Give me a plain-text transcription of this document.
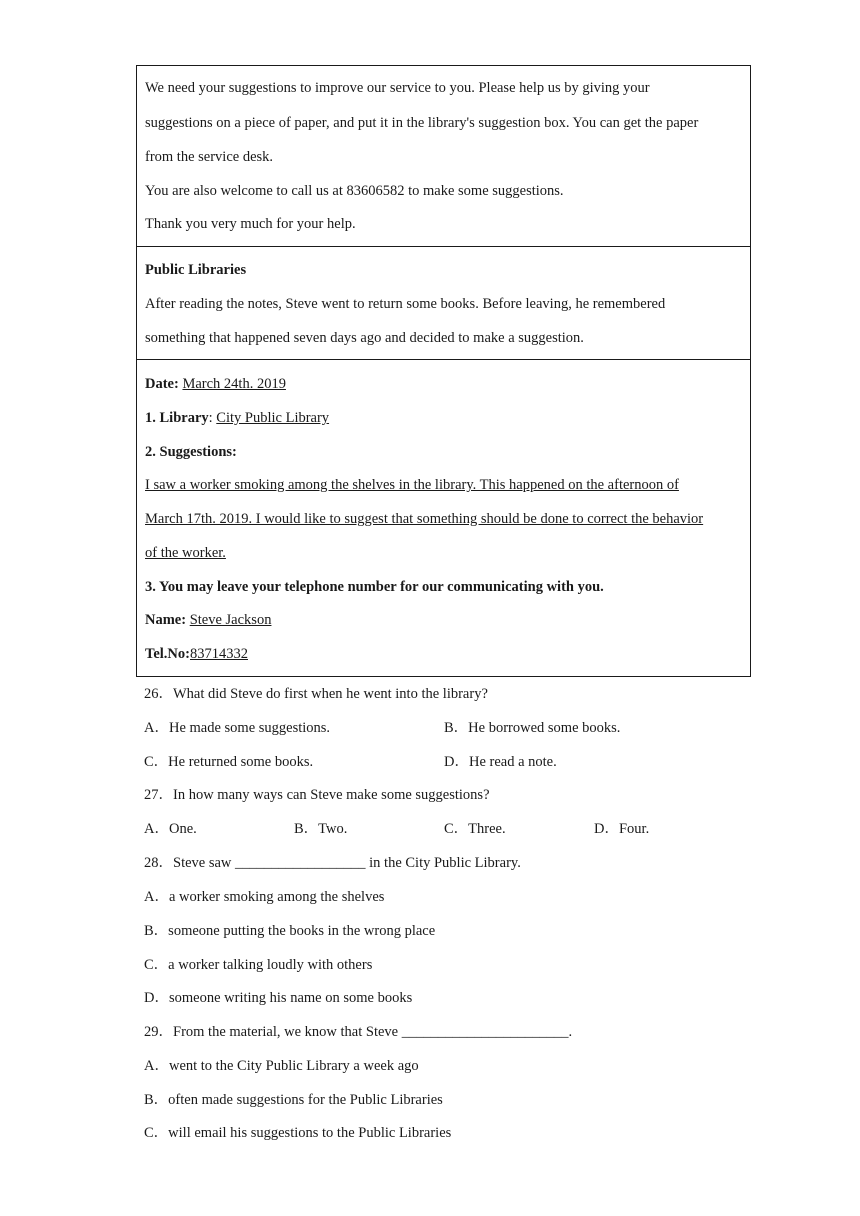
We need your suggestions to improve our service to you. Please help us by giving your
suggestions on a piece of paper, and put it in the library's suggestion box. You can get the paper
from the service desk.
You are also welcome to call us at 83606582 to make some suggestions.
Thank you very much for your help.
Public Libraries
After reading the notes, Steve went to return some books. Before leaving, he remembered
something that happened seven days ago and decided to make a suggestion.
Date: March 24th. 2019
1. Library: City Public Library
2. Suggestions:
I saw a worker smoking among the shelves in the library. This happened on the afternoon of
March 17th. 2019. I would like to suggest that something should be done to correct the behavior
of the worker.
3. You may leave your telephone number for our communicating with you.
Name: Steve Jackson
Tel.No:83714332
26．What did Steve do first when he went into the library?
A．He made some suggestions.	B．He borrowed some books.
C．He returned some books.	D．He read a note.
27．In how many ways can Steve make some suggestions?
A．One.	B．Two.	C．Three.	D．Four.
28．Steve saw __________________ in the City Public Library.
A．a worker smoking among the shelves
B．someone putting the books in the wrong place
C．a worker talking loudly with others
D．someone writing his name on some books
29．From the material, we know that Steve _______________________.
A．went to the City Public Library a week ago
B．often made suggestions for the Public Libraries
C．will email his suggestions to the Public Libraries
